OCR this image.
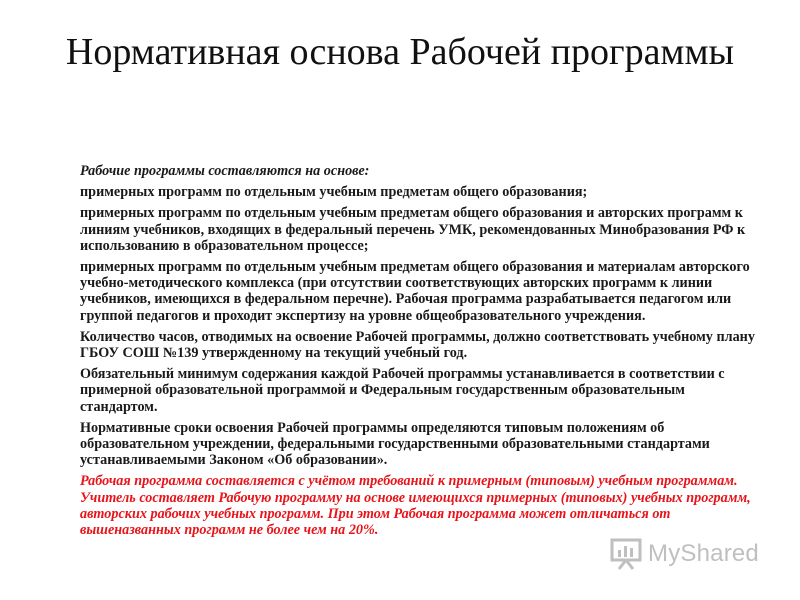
Нормативная основа Рабочей программы

Рабочие программы составляются на основе:

примерных программ по отдельным учебным предметам общего образования;

примерных программ по отдельным учебным предметам общего образования и авторских программ к линиям учебников, входящих в федеральный перечень УМК, рекомендованных Минобразования РФ к использованию в образовательном процессе;

примерных программ по отдельным учебным предметам общего образования и материалам авторского учебно-методического комплекса (при отсутствии соответствующих авторских программ к линии учебников, имеющихся в федеральном перечне). Рабочая программа разрабатывается педагогом или группой педагогов и проходит экспертизу на уровне общеобразовательного учреждения.

Количество часов, отводимых на освоение Рабочей программы, должно соответствовать учебному плану ГБОУ СОШ №139 утвержденному на текущий учебный год.

Обязательный минимум содержания каждой Рабочей программы устанавливается в соответствии с примерной образовательной программой и Федеральным государственным образовательным стандартом.

Нормативные сроки освоения Рабочей программы определяются типовым положениям об образовательном учреждении, федеральными государственными образовательными стандартами устанавливаемыми Законом «Об образовании».

Рабочая программа составляется с учётом требований к примерным (типовым) учебным программам. Учитель составляет Рабочую программу на основе имеющихся примерных (типовых) учебных программ, авторских рабочих учебных программ. При этом Рабочая программа может отличаться от вышеназванных программ не более чем на 20%.

MyShared
